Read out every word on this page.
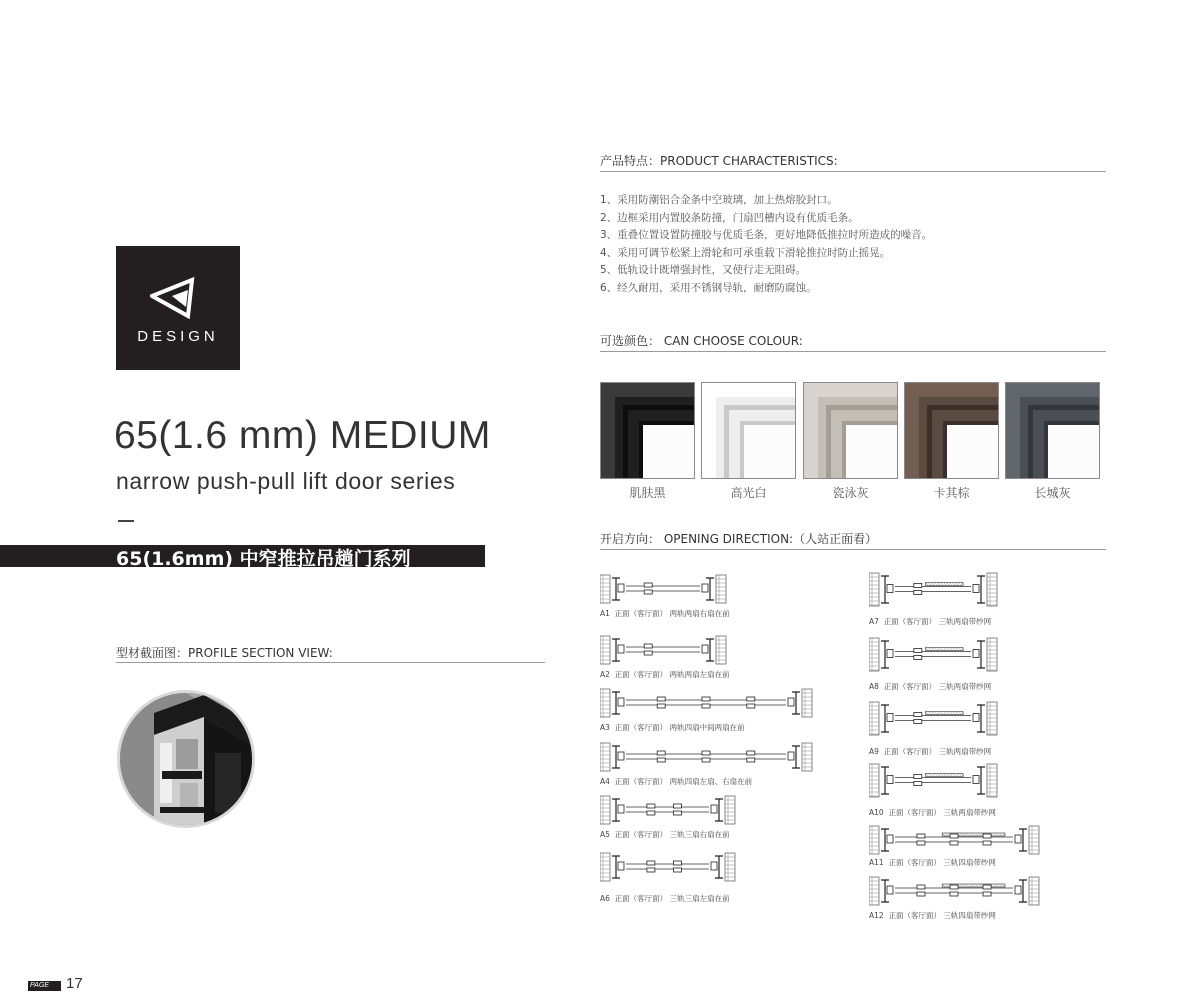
DESIGN
65(1.6 mm) MEDIUM
narrow push-pull lift door series
65(1.6mm) 中窄推拉吊趟门系列
型材截面图：PROFILE SECTION VIEW:
产品特点：PRODUCT CHARACTERISTICS:
1、采用防潮铝合金条中空玻璃，加上热熔胶封口。
2、边框采用内置胶条防撞，门扇凹槽内设有优质毛条。
3、重叠位置设置防撞胶与优质毛条，更好地降低推拉时所造成的噪音。
4、采用可调节松紧上滑轮和可承重载下滑轮推拉时防止摇晃。
5、低轨设计既增强封性，又使行走无阻碍。
6、经久耐用，采用不锈钢导轨，耐磨防腐蚀。
可选颜色： CAN CHOOSE COLOUR:
肌肤黑	高光白	瓷泳灰	卡其棕	长城灰
开启方向： OPENING DIRECTION:（人站正面看）
A1 正面（客厅面） 两轨两扇右扇在前
A2 正面（客厅面） 两轨两扇左扇在前
A3 正面（客厅面） 两轨四扇中间两扇在前
A4 正面（客厅面） 两轨四扇左扇、右扇在前
A5 正面（客厅面） 三轨三扇右扇在前
A6 正面（客厅面） 三轨三扇左扇在前
A7 正面（客厅面） 三轨两扇带纱网
A8 正面（客厅面） 三轨两扇带纱网
A9 正面（客厅面） 三轨两扇带纱网
A10 正面（客厅面） 三轨两扇带纱网
A11 正面（客厅面） 三轨四扇带纱网
A12 正面（客厅面） 三轨四扇带纱网
PAGE	17
